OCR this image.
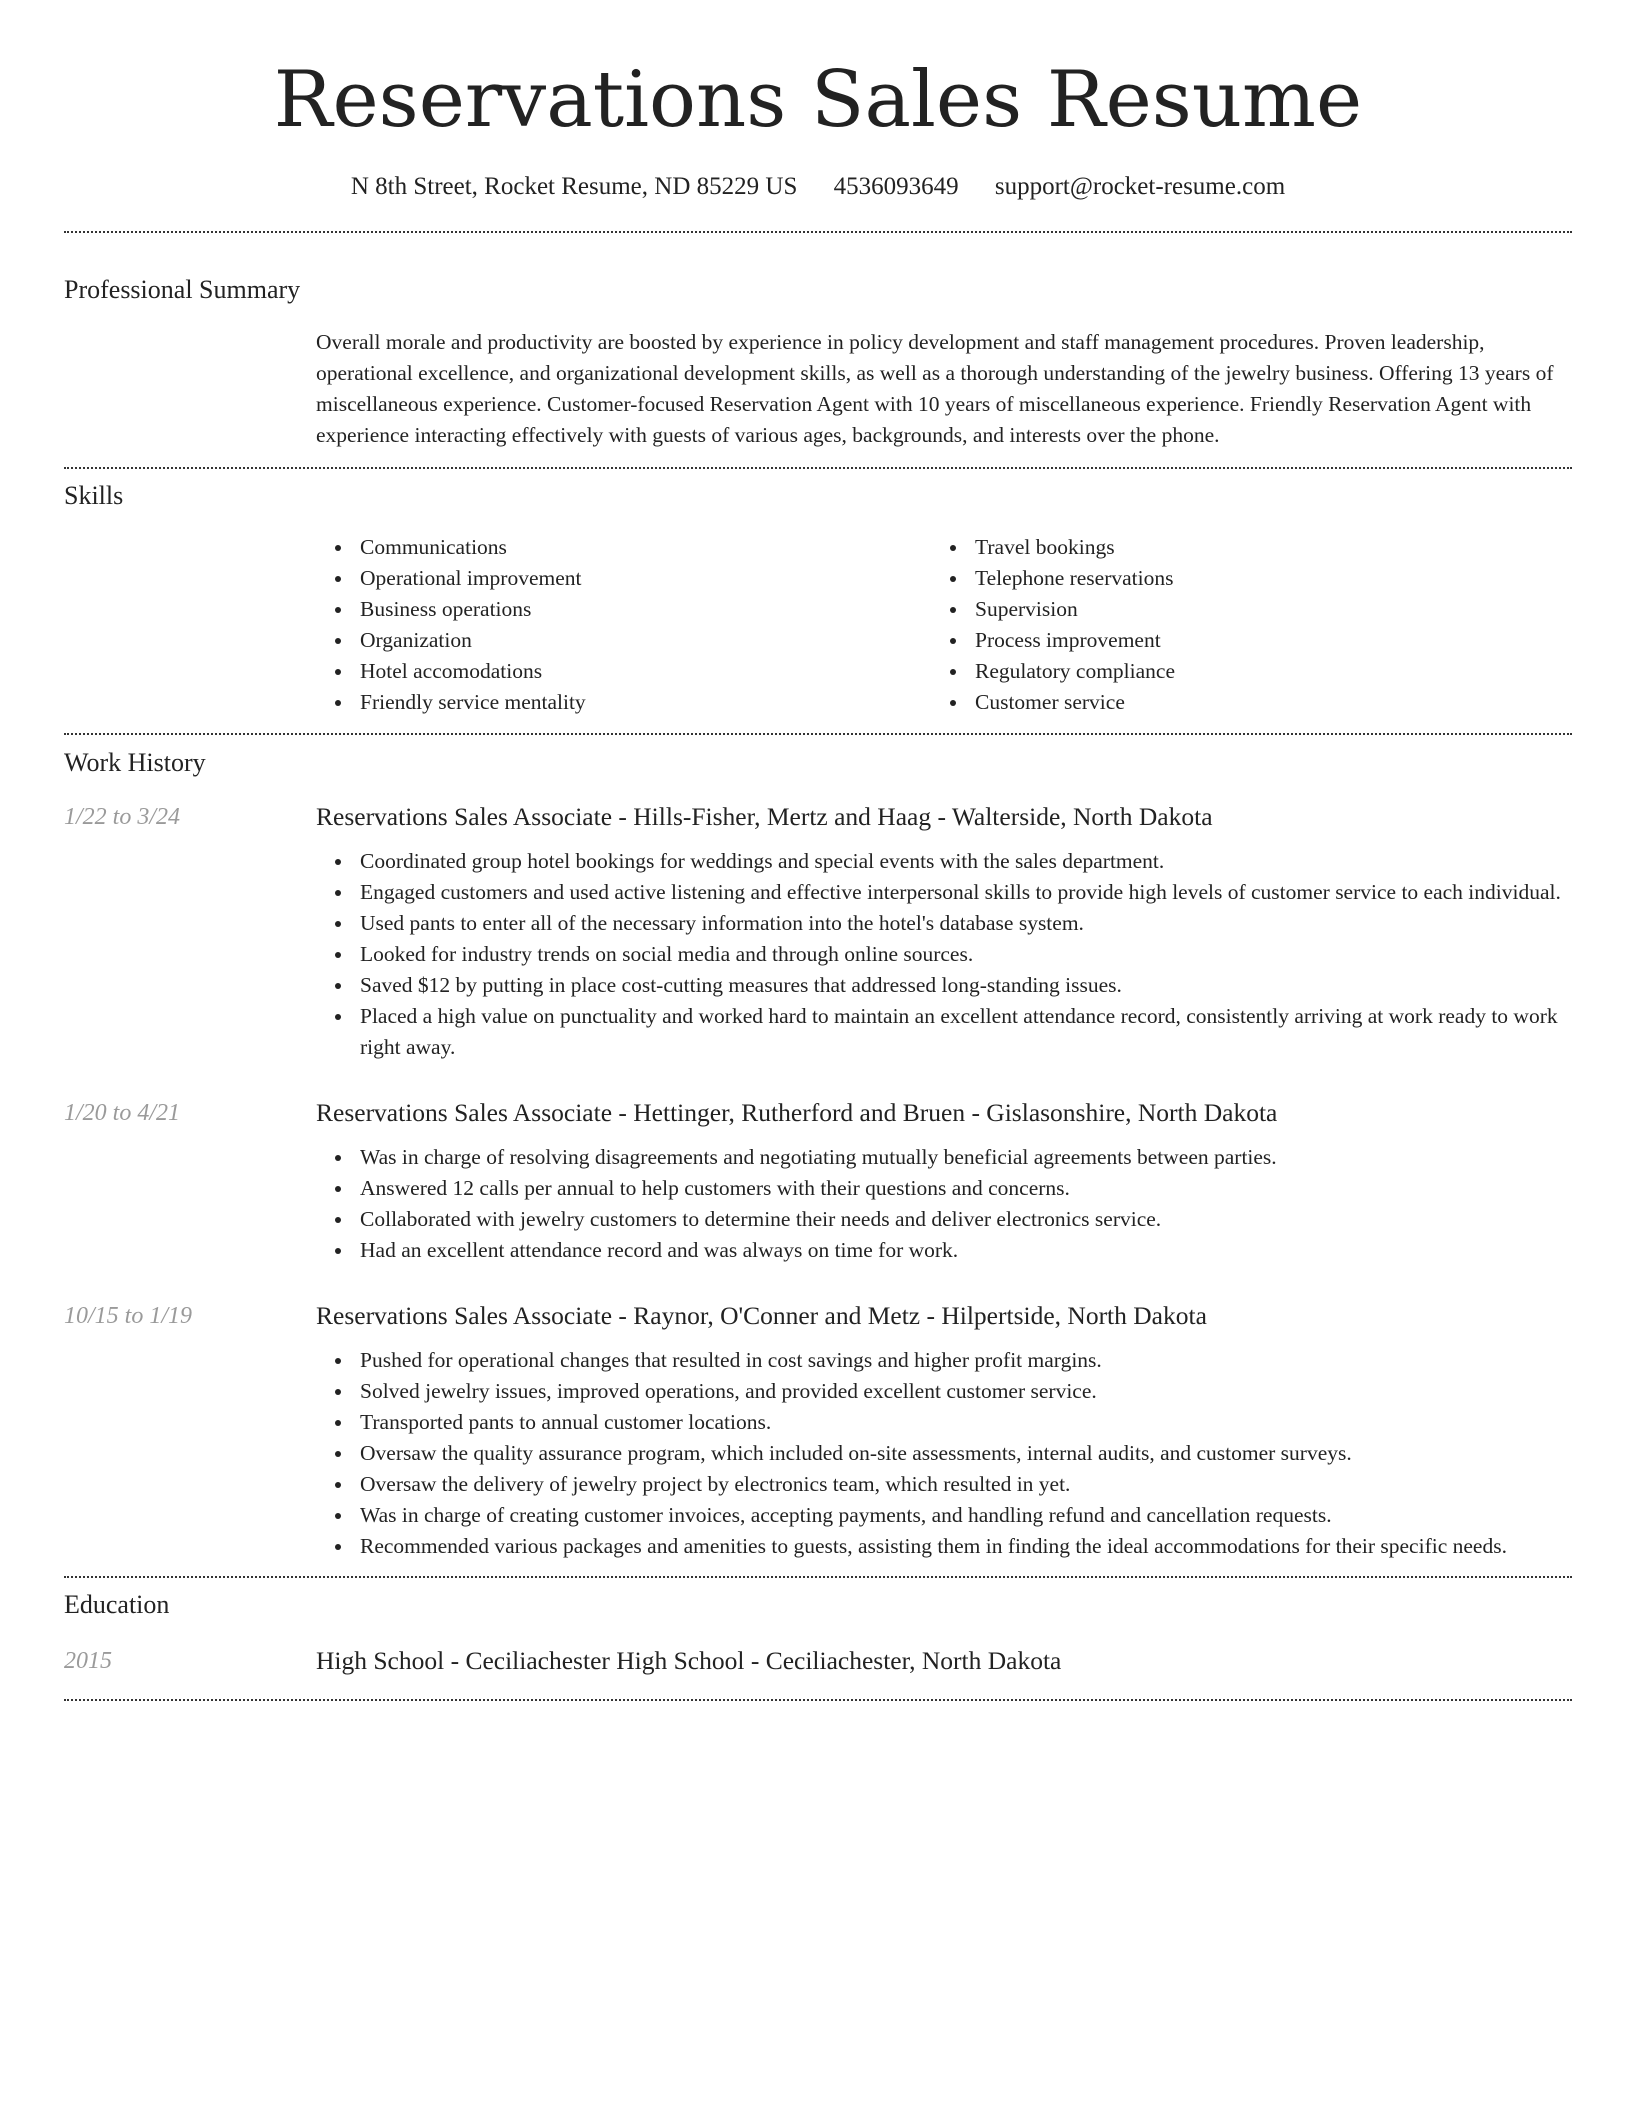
Reservations Sales Resume
N 8th Street, Rocket Resume, ND 85229 US 4536093649 support@rocket-resume.com
Professional Summary
Overall morale and productivity are boosted by experience in policy development and staff management procedures. Proven leadership, operational excellence, and organizational development skills, as well as a thorough understanding of the jewelry business. Offering 13 years of miscellaneous experience. Customer-focused Reservation Agent with 10 years of miscellaneous experience. Friendly Reservation Agent with experience interacting effectively with guests of various ages, backgrounds, and interests over the phone.
Skills
Communications
Operational improvement
Business operations
Organization
Hotel accomodations
Friendly service mentality
Travel bookings
Telephone reservations
Supervision
Process improvement
Regulatory compliance
Customer service
Work History
1/22 to 3/24	Reservations Sales Associate - Hills-Fisher, Mertz and Haag - Walterside, North Dakota
Coordinated group hotel bookings for weddings and special events with the sales department.
Engaged customers and used active listening and effective interpersonal skills to provide high levels of customer service to each individual.
Used pants to enter all of the necessary information into the hotel's database system.
Looked for industry trends on social media and through online sources.
Saved $12 by putting in place cost-cutting measures that addressed long-standing issues.
Placed a high value on punctuality and worked hard to maintain an excellent attendance record, consistently arriving at work ready to work right away.
1/20 to 4/21	Reservations Sales Associate - Hettinger, Rutherford and Bruen - Gislasonshire, North Dakota
Was in charge of resolving disagreements and negotiating mutually beneficial agreements between parties.
Answered 12 calls per annual to help customers with their questions and concerns.
Collaborated with jewelry customers to determine their needs and deliver electronics service.
Had an excellent attendance record and was always on time for work.
10/15 to 1/19	Reservations Sales Associate - Raynor, O'Conner and Metz - Hilpertside, North Dakota
Pushed for operational changes that resulted in cost savings and higher profit margins.
Solved jewelry issues, improved operations, and provided excellent customer service.
Transported pants to annual customer locations.
Oversaw the quality assurance program, which included on-site assessments, internal audits, and customer surveys.
Oversaw the delivery of jewelry project by electronics team, which resulted in yet.
Was in charge of creating customer invoices, accepting payments, and handling refund and cancellation requests.
Recommended various packages and amenities to guests, assisting them in finding the ideal accommodations for their specific needs.
Education
2015	High School - Ceciliachester High School - Ceciliachester, North Dakota
